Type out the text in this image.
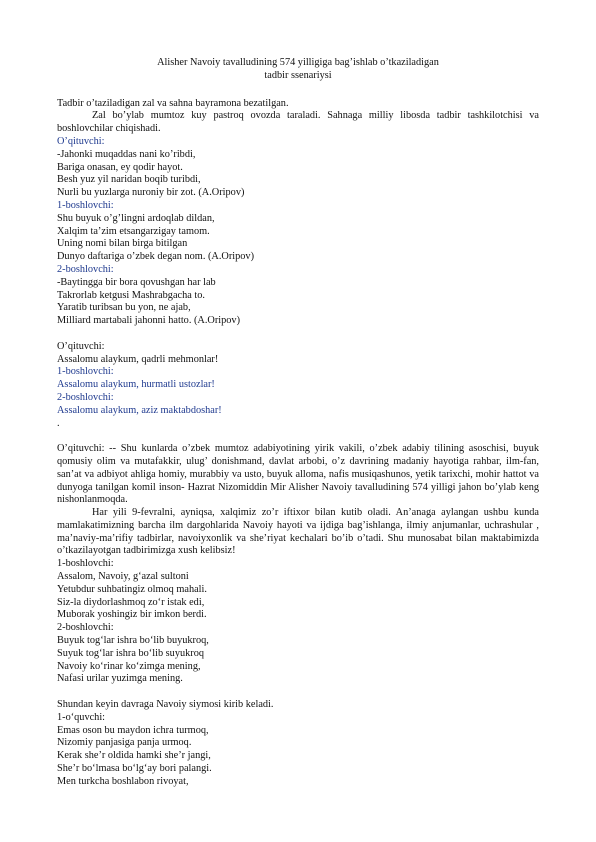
Alisher Navoiy tavalludining 574 yilligiga bag’ishlab o’tkaziladigan

tadbir ssenariysi

Tadbir o’taziladigan zal va sahna bayramona bezatilgan.

Zal bo’ylab mumtoz kuy pastroq ovozda taraladi. Sahnaga milliy libosda tadbir tashkilotchisi va boshlovchilar chiqishadi.

O’qituvchi:

-Jahonki muqaddas nani ko’ribdi,

Bariga onasan, ey qodir hayot.

Besh yuz yil naridan boqib turibdi,

Nurli bu yuzlarga nuroniy bir zot. (A.Oripov)

1-boshlovchi:

Shu buyuk o’g’lingni ardoqlab dildan,

Xalqim ta’zim etsangarzigay tamom.

Uning nomi bilan birga bitilgan

Dunyo daftariga o’zbek degan nom. (A.Oripov)

2-boshlovchi:

-Baytingga bir bora qovushgan har lab

Takrorlab ketgusi Mashrabgacha to.

Yaratib turibsan bu yon, ne ajab,

Milliard martabali jahonni hatto. (A.Oripov)

O’qituvchi:

Assalomu alaykum, qadrli mehmonlar!

1-boshlovchi:

Assalomu alaykum, hurmatli ustozlar!

2-boshlovchi:

Assalomu alaykum, aziz maktabdoshar!

.

O’qituvchi: -- Shu kunlarda o’zbek mumtoz adabiyotining yirik vakili, o’zbek adabiy tilining asoschisi, buyuk qomusiy olim va mutafakkir, ulug’ donishmand, davlat arbobi, o’z davrining madaniy hayotiga rahbar, ilm-fan, san’at va adbiyot ahliga homiy, murabbiy va usto, buyuk alloma, nafis musiqashunos, yetik tarixchi, mohir hattot va dunyoga tanilgan komil inson- Hazrat Nizomiddin Mir Alisher Navoiy tavalludining 574 yilligi jahon bo’ylab keng nishonlanmoqda.

Har yili 9-fevralni, ayniqsa, xalqimiz zo’r iftixor bilan kutib oladi. An’anaga aylangan ushbu kunda mamlakatimizning barcha ilm dargohlarida Navoiy hayoti va ijdiga bag’ishlanga, ilmiy anjumanlar, uchrashular , ma’naviy-ma’rifiy tadbirlar, navoiyxonlik va she’riyat kechalari bo’ib o’tadi. Shu munosabat bilan maktabimizda o’tkazilayotgan tadbirimizga xush kelibsiz!

1-boshlovchi:

Assalom, Navoiy, g‘azal sultoni

Yetubdur suhbatingiz olmoq mahali.

Siz-la diydorlashmoq zo‘r istak edi,

Muborak yoshingiz bir imkon berdi.

2-boshlovchi:

Buyuk tog‘lar ishra bo‘lib buyukroq,

Suyuk tog‘lar ishra bo‘lib suyukroq

Navoiy ko‘rinar ko‘zimga mening,

Nafasi urilar yuzimga mening.

Shundan keyin davraga Navoiy siymosi kirib keladi.

1-o‘quvchi:

Emas oson bu maydon ichra turmoq,

Nizomiy panjasiga panja urmoq.

Kerak she’r oldida hamki she’r jangi,

She’r bo‘lmasa bo‘lg‘ay bori palangi.

Men turkcha boshlabon rivoyat,
